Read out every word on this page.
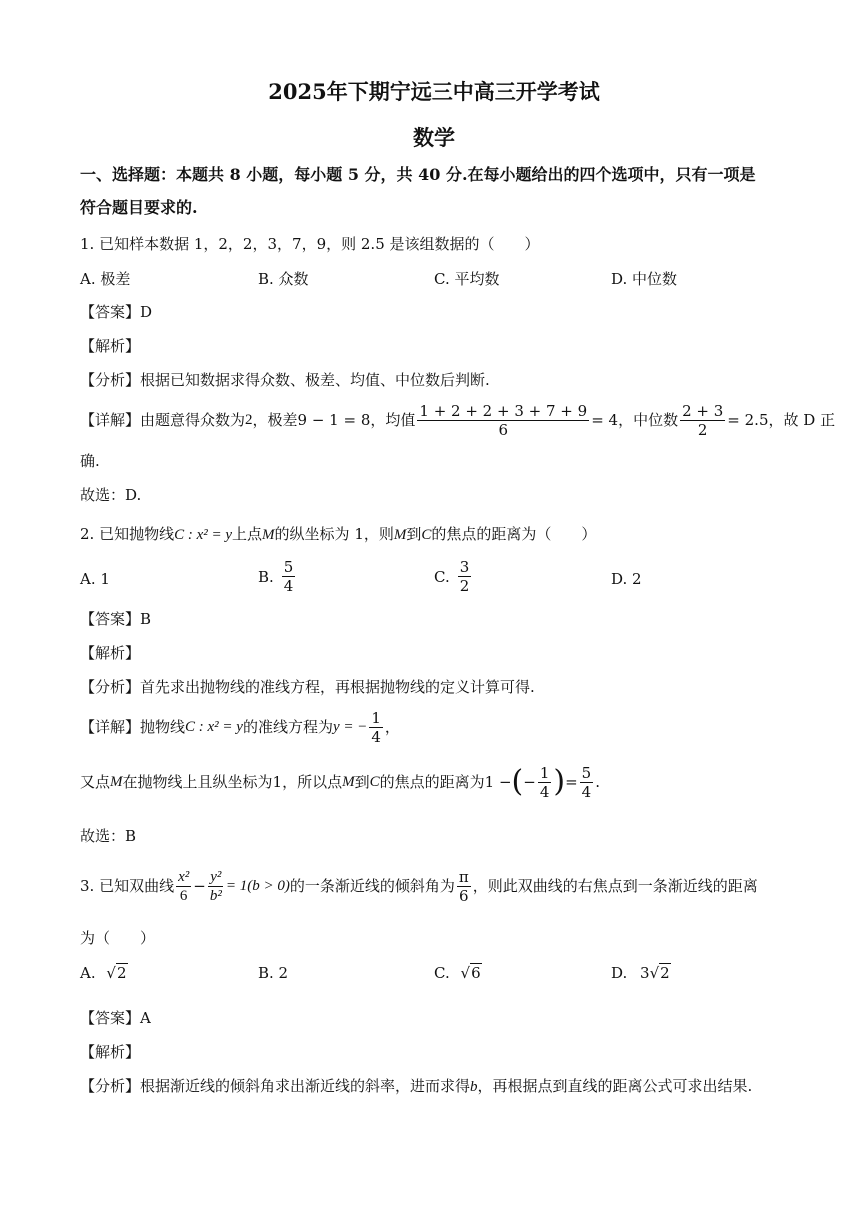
2025年下期宁远三中高三开学考试
数学
一、选择题：本题共 8 小题，每小题 5 分，共 40 分.在每小题给出的四个选项中，只有一项是
符合题目要求的.
1. 已知样本数据 1，2，2，3，7，9，则 2.5 是该组数据的（　　）
A. 极差	B. 众数	C. 平均数	D. 中位数
【答案】D
【解析】
【分析】根据已知数据求得众数、极差、均值、中位数后判断.
【详解】由题意得众数为 2 ，极差 9 − 1 = 8 ，均值 $\frac{1 + 2 + 2 + 3 + 7 + 9}{6} = 4$ ，中位数 $\frac{2 + 3}{2} = 2.5$ ，故 D 正
确.
故选：D.
2. 已知抛物线C : x² = y上点M的纵坐标为 1，则M到C的焦点的距离为（　　）
A. 1	B. $\frac{5}{4}$	C. $\frac{3}{2}$	D. 2
【答案】B
【解析】
【分析】首先求出抛物线的准线方程，再根据抛物线的定义计算可得.
【详解】抛物线 C : x² = y 的准线方程为 y = − $\frac{1}{4}$ ，
又点 M 在抛物线上且纵坐标为 1 ，所以点 M 到 C 的焦点的距离为 1 − ( − $\frac{1}{4}$ ) = $\frac{5}{4}$ .
故选：B
3. 已知双曲线 $\frac{\text{x²}}{6} - \frac{\text{y²}}{\text{b²}} = 1(b > 0)$ 的一条渐近线的倾斜角为 $\frac{\pi}{6}$ ，则此双曲线的右焦点到一条渐近线的距离
为（　　）
A. √2	B. 2	C. √6	D. 3√2
【答案】A
【解析】
【分析】根据渐近线的倾斜角求出渐近线的斜率，进而求得b，再根据点到直线的距离公式可求出结果.
